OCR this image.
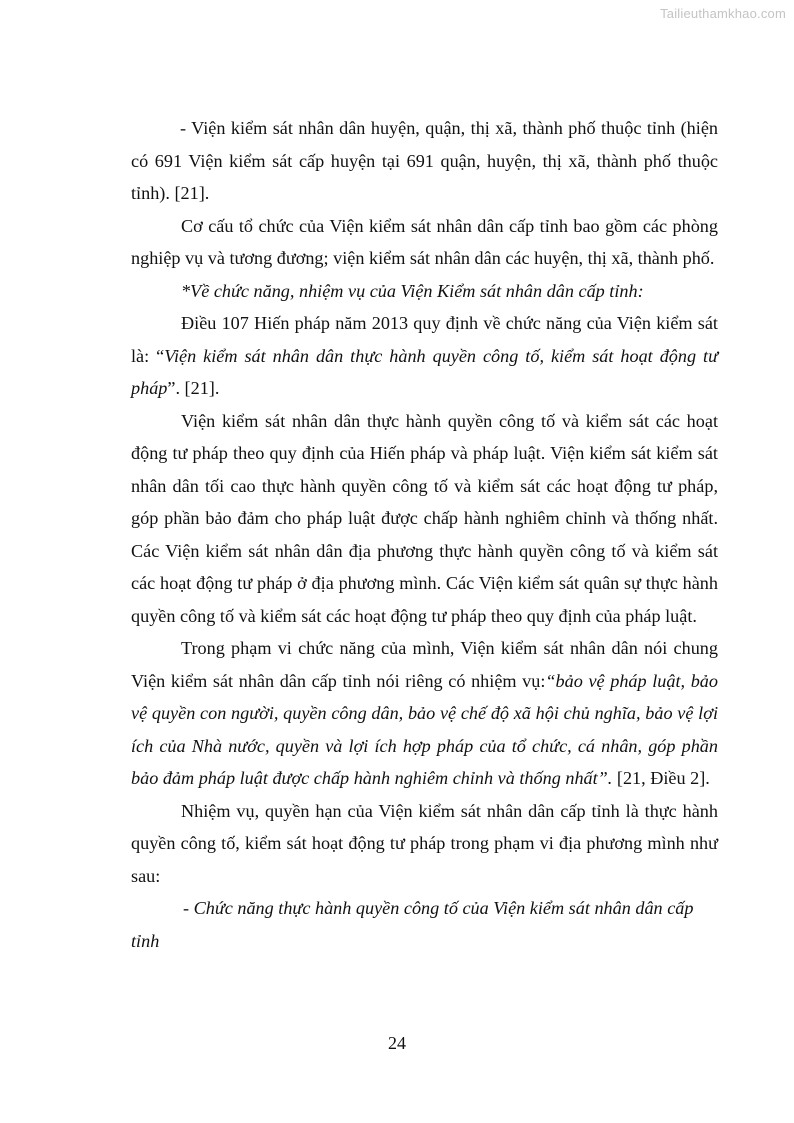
Tailieuthamkhao.com

- Viện kiểm sát nhân dân huyện, quận, thị xã, thành phố thuộc tỉnh (hiện có 691 Viện kiểm sát cấp huyện tại 691 quận, huyện, thị xã, thành phố thuộc tỉnh). [21].

Cơ cấu tổ chức của Viện kiểm sát nhân dân cấp tỉnh bao gồm các phòng nghiệp vụ và tương đương; viện kiểm sát nhân dân các huyện, thị xã, thành phố.

*Về chức năng, nhiệm vụ của Viện Kiểm sát nhân dân cấp tỉnh:

Điều 107 Hiến pháp năm 2013 quy định về chức năng của Viện kiểm sát là: “Viện kiểm sát nhân dân thực hành quyền công tố, kiểm sát hoạt động tư pháp”. [21].

Viện kiểm sát nhân dân thực hành quyền công tố và kiểm sát các hoạt động tư pháp theo quy định của Hiến pháp và pháp luật. Viện kiểm sát kiểm sát nhân dân tối cao thực hành quyền công tố và kiểm sát các hoạt động tư pháp, góp phần bảo đảm cho pháp luật được chấp hành nghiêm chỉnh và thống nhất. Các Viện kiểm sát nhân dân địa phương thực hành quyền công tố và kiểm sát các hoạt động tư pháp ở địa phương mình. Các Viện kiểm sát quân sự thực hành quyền công tố và kiểm sát các hoạt động tư pháp theo quy định của pháp luật.

Trong phạm vi chức năng của mình, Viện kiểm sát nhân dân nói chung Viện kiểm sát nhân dân cấp tỉnh nói riêng có nhiệm vụ:“bảo vệ pháp luật, bảo vệ quyền con người, quyền công dân, bảo vệ chế độ xã hội chủ nghĩa, bảo vệ lợi ích của Nhà nước, quyền và lợi ích hợp pháp của tổ chức, cá nhân, góp phần bảo đảm pháp luật được chấp hành nghiêm chỉnh và thống nhất”. [21, Điều 2].

Nhiệm vụ, quyền hạn của Viện kiểm sát nhân dân cấp tỉnh là thực hành quyền công tố, kiểm sát hoạt động tư pháp trong phạm vi địa phương mình như sau:

- Chức năng thực hành quyền công tố của Viện kiểm sát nhân dân cấp tỉnh

24
